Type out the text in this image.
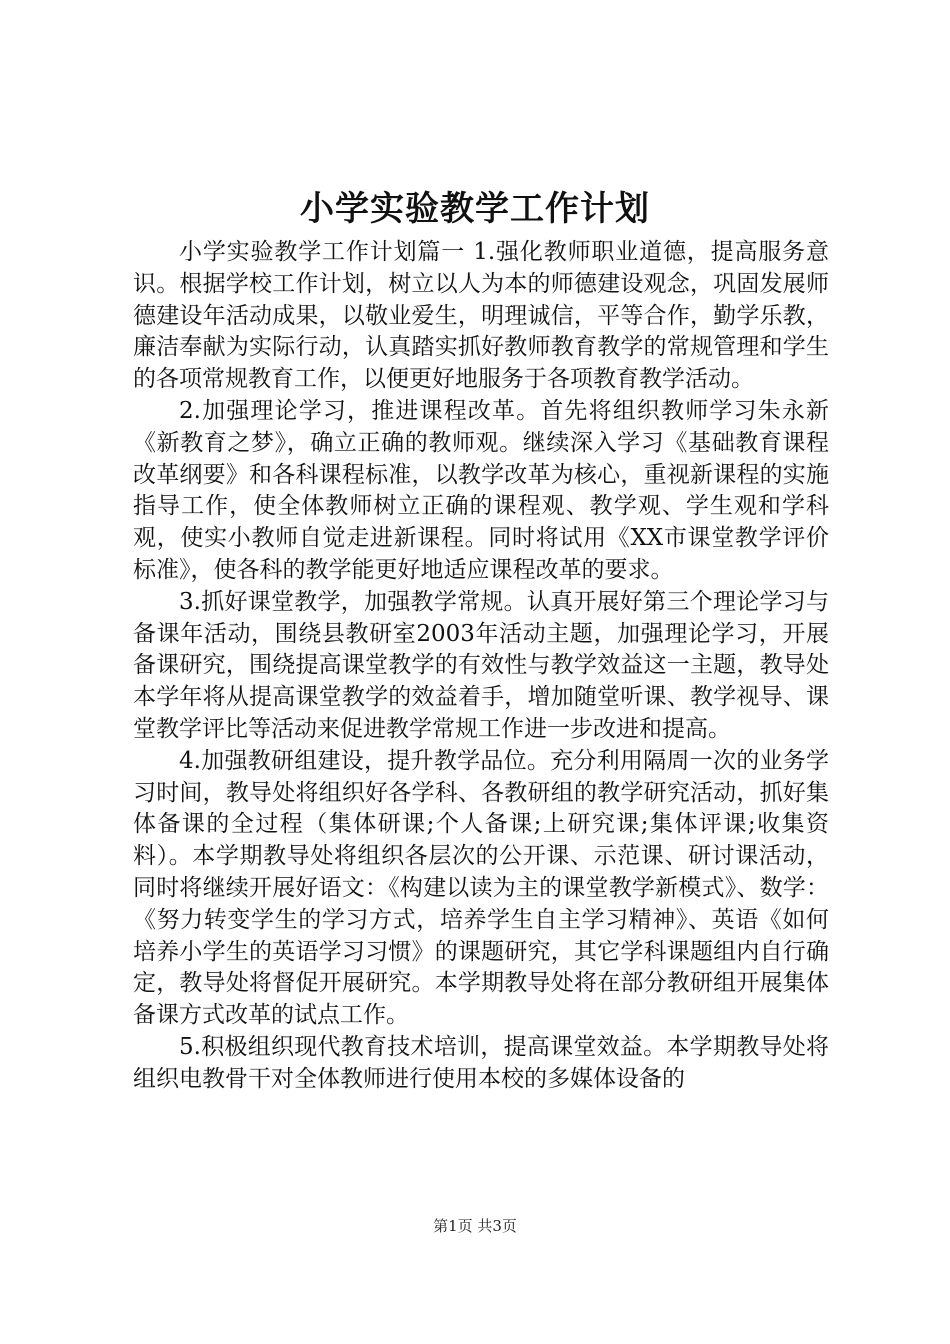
小学实验教学工作计划

小学实验教学工作计划篇一 1.强化教师职业道德，提高服务意识。根据学校工作计划，树立以人为本的师德建设观念，巩固发展师德建设年活动成果，以敬业爱生，明理诚信，平等合作，勤学乐教，廉洁奉献为实际行动，认真踏实抓好教师教育教学的常规管理和学生的各项常规教育工作，以便更好地服务于各项教育教学活动。

2.加强理论学习，推进课程改革。首先将组织教师学习朱永新《新教育之梦》，确立正确的教师观。继续深入学习《基础教育课程改革纲要》和各科课程标准，以教学改革为核心，重视新课程的实施指导工作，使全体教师树立正确的课程观、教学观、学生观和学科观，使实小教师自觉走进新课程。同时将试用《XX市课堂教学评价标准》，使各科的教学能更好地适应课程改革的要求。

3.抓好课堂教学，加强教学常规。认真开展好第三个理论学习与备课年活动，围绕县教研室2003年活动主题，加强理论学习，开展备课研究，围绕提高课堂教学的有效性与教学效益这一主题，教导处本学年将从提高课堂教学的效益着手，增加随堂听课、教学视导、课堂教学评比等活动来促进教学常规工作进一步改进和提高。

4.加强教研组建设，提升教学品位。充分利用隔周一次的业务学习时间，教导处将组织好各学科、各教研组的教学研究活动，抓好集体备课的全过程（集体研课;个人备课;上研究课;集体评课;收集资料）。本学期教导处将组织各层次的公开课、示范课、研讨课活动，同时将继续开展好语文：《构建以读为主的课堂教学新模式》、数学：《努力转变学生的学习方式，培养学生自主学习精神》、英语《如何培养小学生的英语学习习惯》的课题研究，其它学科课题组内自行确定，教导处将督促开展研究。本学期教导处将在部分教研组开展集体备课方式改革的试点工作。

5.积极组织现代教育技术培训，提高课堂效益。本学期教导处将组织电教骨干对全体教师进行使用本校的多媒体设备的

第1页 共3页
